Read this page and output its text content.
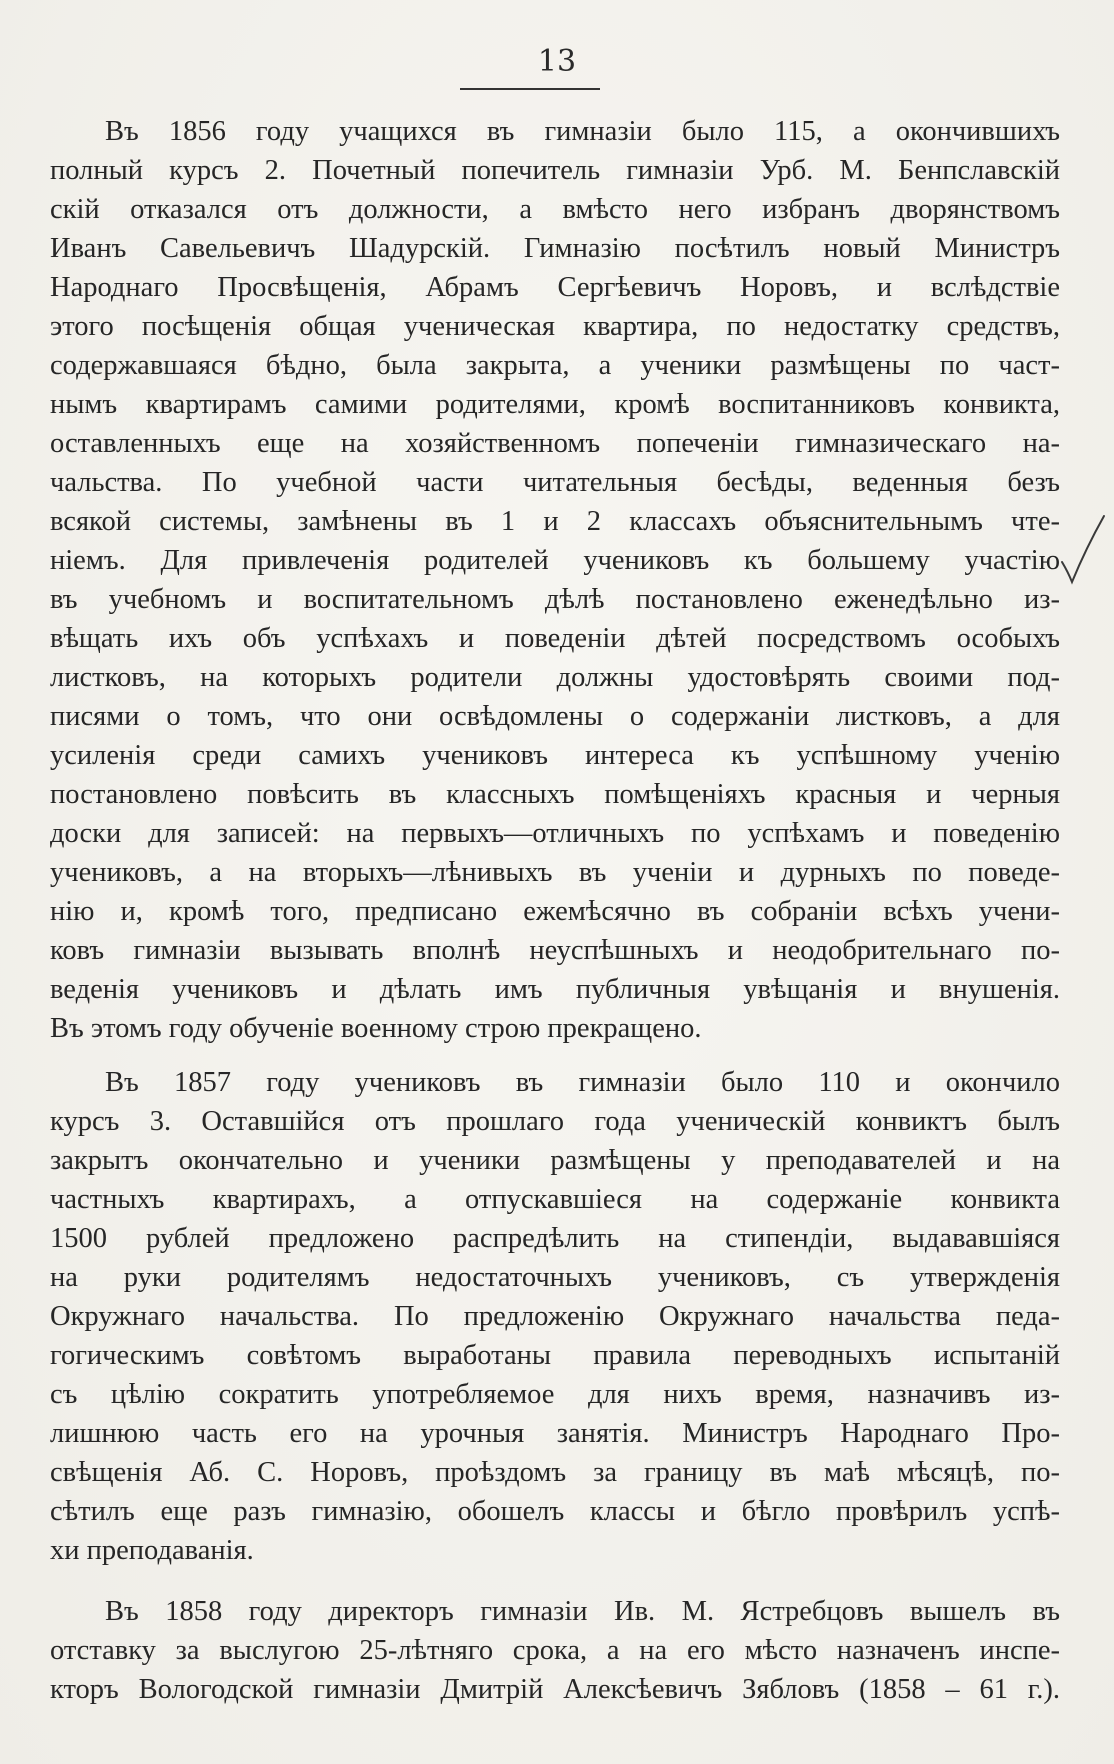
13
Въ 1856 году учащихся въ гимназіи было 115, а окончившихъ
полный курсъ 2. Почетный попечитель гимназіи Урб. М. Бенпславскій
скій отказался отъ должности, а вмѣсто него избранъ дворянствомъ
Иванъ Савельевичъ Шадурскій. Гимназію посѣтилъ новый Министръ
Народнаго Просвѣщенія, Абрамъ Сергѣевичъ Норовъ, и вслѣдствіе
этого посѣщенія общая ученическая квартира, по недостатку средствъ,
содержавшаяся бѣдно, была закрыта, а ученики размѣщены по част-
нымъ квартирамъ самими родителями, кромѣ воспитанниковъ конвикта,
оставленныхъ еще на хозяйственномъ попеченіи гимназическаго на-
чальства. По учебной части читательныя бесѣды, веденныя безъ
всякой системы, замѣнены въ 1 и 2 классахъ объяснительнымъ чте-
ніемъ. Для привлеченія родителей учениковъ къ большему участію
въ учебномъ и воспитательномъ дѣлѣ постановлено еженедѣльно из-
вѣщать ихъ объ успѣхахъ и поведеніи дѣтей посредствомъ особыхъ
листковъ, на которыхъ родители должны удостовѣрять своими под-
писями о томъ, что они освѣдомлены о содержаніи листковъ, а для
усиленія среди самихъ учениковъ интереса къ успѣшному ученію
постановлено повѣсить въ классныхъ помѣщеніяхъ красныя и черныя
доски для записей: на первыхъ—отличныхъ по успѣхамъ и поведенію
учениковъ, а на вторыхъ—лѣнивыхъ въ ученіи и дурныхъ по поведе-
нію и, кромѣ того, предписано ежемѣсячно въ собраніи всѣхъ учени-
ковъ гимназіи вызывать вполнѣ неуспѣшныхъ и неодобрительнаго по-
веденія учениковъ и дѣлать имъ публичныя увѣщанія и внушенія.
Въ этомъ году обученіе военному строю прекращено.
Въ 1857 году учениковъ въ гимназіи было 110 и окончило
курсъ 3. Оставшійся отъ прошлаго года ученическій конвиктъ былъ
закрытъ окончательно и ученики размѣщены у преподавателей и на
частныхъ квартирахъ, а отпускавшіеся на содержаніе конвикта
1500 рублей предложено распредѣлить на стипендіи, выдававшіяся
на руки родителямъ недостаточныхъ учениковъ, съ утвержденія
Окружнаго начальства. По предложенію Окружнаго начальства педа-
гогическимъ совѣтомъ выработаны правила переводныхъ испытаній
съ цѣлію сократить употребляемое для нихъ время, назначивъ из-
лишнюю часть его на урочныя занятія. Министръ Народнаго Про-
свѣщенія Аб. С. Норовъ, проѣздомъ за границу въ маѣ мѣсяцѣ, по-
сѣтилъ еще разъ гимназію, обошелъ классы и бѣгло провѣрилъ успѣ-
хи преподаванія.
Въ 1858 году директоръ гимназіи Ив. М. Ястребцовъ вышелъ въ
отставку за выслугою 25-лѣтняго срока, а на его мѣсто назначенъ инспе-
кторъ Вологодской гимназіи Дмитрій Алексѣевичъ Зябловъ (1858 – 61 г.).
